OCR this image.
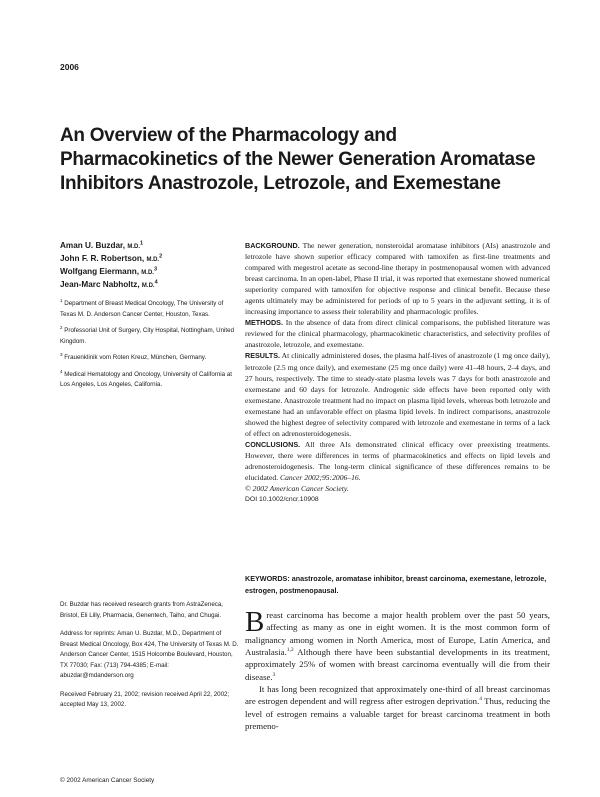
2006
An Overview of the Pharmacology and
Pharmacokinetics of the Newer Generation Aromatase
Inhibitors Anastrozole, Letrozole, and Exemestane
Aman U. Buzdar, M.D.$^1$
John F. R. Robertson, M.D.$^2$
Wolfgang Eiermann, M.D.$^3$
Jean-Marc Nabholtz, M.D.$^4$
$^1$ Department of Breast Medical Oncology, The University of Texas M. D. Anderson Cancer Center, Houston, Texas.
$^2$ Professorial Unit of Surgery, City Hospital, Nottingham, United Kingdom.
$^3$ Frauenklinik vom Roten Kreuz, München, Germany.
$^4$ Medical Hematology and Oncology, University of California at Los Angeles, Los Angeles, California.

BACKGROUND. The newer generation, nonsteroidal aromatase inhibitors (AIs) anastrozole and letrozole have shown superior efficacy compared with tamoxifen as first-line treatments and compared with megestrol acetate as second-line therapy in postmenopausal women with advanced breast carcinoma. In an open-label, Phase II trial, it was reported that exemestane showed numerical superiority compared with tamoxifen for objective response and clinical benefit. Because these agents ultimately may be administered for periods of up to 5 years in the adjuvant setting, it is of increasing importance to assess their tolerability and pharmacologic profiles.

METHODS. In the absence of data from direct clinical comparisons, the published literature was reviewed for the clinical pharmacology, pharmacokinetic characteristics, and selectivity profiles of anastrozole, letrozole, and exemestane.

RESULTS. At clinically administered doses, the plasma half-lives of anastrozole (1 mg once daily), letrozole (2.5 mg once daily), and exemestane (25 mg once daily) were 41–48 hours, 2–4 days, and 27 hours, respectively. The time to steady-state plasma levels was 7 days for both anastrozole and exemestane and 60 days for letrozole. Androgenic side effects have been reported only with exemestane. Anastrozole treatment had no impact on plasma lipid levels, whereas both letrozole and exemestane had an unfavorable effect on plasma lipid levels. In indirect comparisons, anastrozole showed the highest degree of selectivity compared with letrozole and exemestane in terms of a lack of effect on adrenosteroidogenesis.

CONCLUSIONS. All three AIs demonstrated clinical efficacy over preexisting treatments. However, there were differences in terms of pharmacokinetics and effects on lipid levels and adrenosteroidogenesis. The long-term clinical significance of these differences remains to be elucidated. Cancer 2002;95:2006–16.

© 2002 American Cancer Society.

DOI 10.1002/cncr.10908

KEYWORDS: anastrozole, aromatase inhibitor, breast carcinoma, exemestane, letrozole, estrogen, postmenopausal.
Dr. Buzdar has received research grants from AstraZeneca, Bristol, Eli Lilly, Pharmacia, Genentech, Taiho, and Chugai.
Address for reprints: Aman U. Buzdar, M.D., Department of Breast Medical Oncology, Box 424, The University of Texas M. D. Anderson Cancer Center, 1515 Holcombe Boulevard, Houston, TX 77030; Fax: (713) 794-4385; E-mail: abuzdar@mdanderson.org
Received February 21, 2002; revision received April 22, 2002; accepted May 13, 2002.
© 2002 American Cancer Society

Breast carcinoma has become a major health problem over the past 50 years, affecting as many as one in eight women. It is the most common form of malignancy among women in North America, most of Europe, Latin America, and Australasia.$^{1,2}$ Although there have been substantial developments in its treatment, approximately 25% of women with breast carcinoma eventually will die from their disease.$^3$

It has long been recognized that approximately one-third of all breast carcinomas are estrogen dependent and will regress after estrogen deprivation.$^4$ Thus, reducing the level of estrogen remains a valuable target for breast carcinoma treatment in both premeno-
